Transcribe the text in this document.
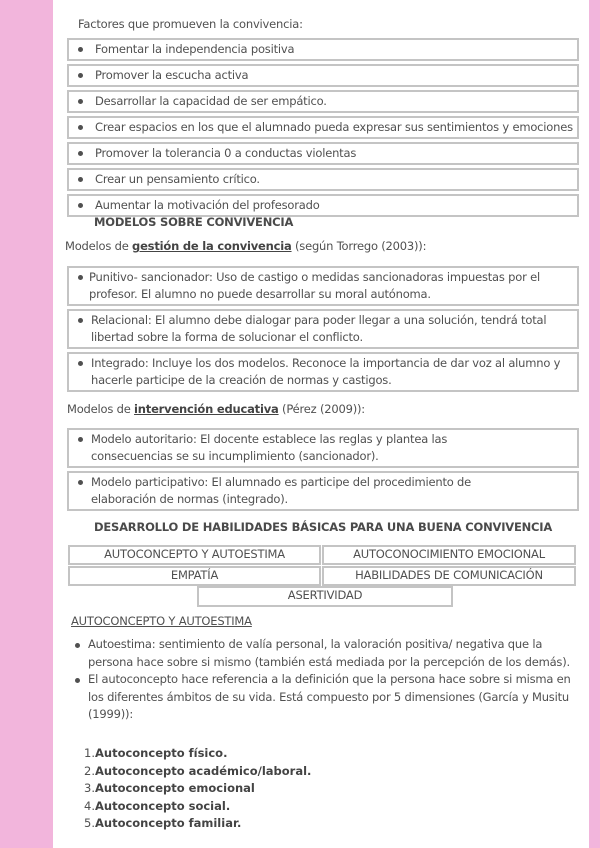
Factores que promueven la convivencia:
Fomentar la independencia positiva
Promover la escucha activa
Desarrollar la capacidad de ser empático.
Crear espacios en los que el alumnado pueda expresar sus sentimientos y emociones
Promover la tolerancia 0 a conductas violentas
Crear un pensamiento crítico.
Aumentar la motivación del profesorado
MODELOS SOBRE CONVIVENCIA
Modelos de gestión de la convivencia (según Torrego (2003)):
Punitivo- sancionador: Uso de castigo o medidas sancionadoras impuestas por el profesor. El alumno no puede desarrollar su moral autónoma.
Relacional: El alumno debe dialogar para poder llegar a una solución, tendrá total libertad sobre la forma de solucionar el conflicto.
Integrado: Incluye los dos modelos. Reconoce la importancia de dar voz al alumno y hacerle participe de la creación de normas y castigos.
Modelos de intervención educativa (Pérez (2009)):
Modelo autoritario: El docente establece las reglas y plantea las consecuencias se su incumplimiento (sancionador).
Modelo participativo: El alumnado es participe del procedimiento de elaboración de normas (integrado).
DESARROLLO DE HABILIDADES BÁSICAS PARA UNA BUENA CONVIVENCIA
AUTOCONCEPTO Y AUTOESTIMA	AUTOCONOCIMIENTO EMOCIONAL
EMPATÍA	HABILIDADES DE COMUNICACIÓN
ASERTIVIDAD
AUTOCONCEPTO Y AUTOESTIMA
Autoestima: sentimiento de valía personal, la valoración positiva/ negativa que la persona hace sobre si mismo (también está mediada por la percepción de los demás).
El autoconcepto hace referencia a la definición que la persona hace sobre si misma en los diferentes ámbitos de su vida. Está compuesto por 5 dimensiones (García y Musitu (1999)):
1.Autoconcepto físico.
2.Autoconcepto académico/laboral.
3.Autoconcepto emocional
4.Autoconcepto social.
5.Autoconcepto familiar.
